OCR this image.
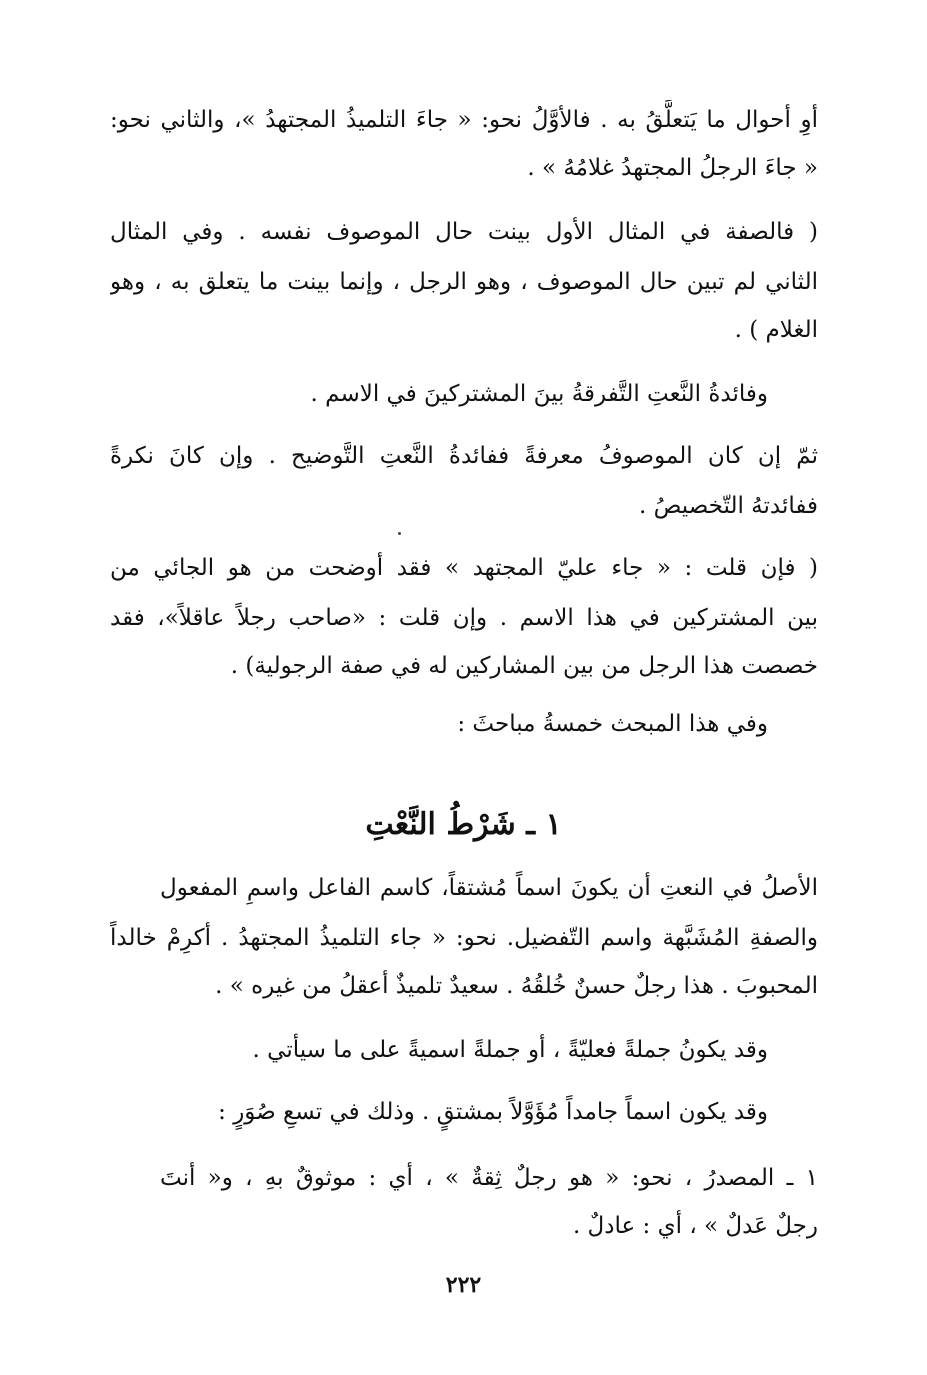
أوِ أحوال ما يَتعلَّقُ به . فالأوَّلُ نحو: « جاءَ التلميذُ المجتهدُ »، والثاني نحو:
« جاءَ الرجلُ المجتهدُ غلامُهُ » .
( فالصفة في المثال الأول بينت حال الموصوف نفسه . وفي المثال
الثاني لم تبين حال الموصوف ، وهو الرجل ، وإنما بينت ما يتعلق به ، وهو
الغلام ) .
وفائدةُ النَّعتِ التَّفرقةُ بينَ المشتركينَ في الاسم .
ثمّ إن كان الموصوفُ معرفةً ففائدةُ النَّعتِ التَّوضيح . وإن كانَ نكرةً
ففائدتهُ التّخصيصُ .
( فإن قلت : « جاء عليّ المجتهد » فقد أوضحت من هو الجائي من
بين المشتركين في هذا الاسم . وإن قلت : «صاحب رجلاً عاقلاً»، فقد
خصصت هذا الرجل من بين المشاركين له في صفة الرجولية) .
وفي هذا المبحث خمسةُ مباحثَ :
١ ـ شَرْطُ النَّعْتِ
الأصلُ في النعتِ أن يكونَ اسماً مُشتقاً، كاسم الفاعل واسمِ المفعول
والصفةِ المُشَبَّهة واسم التّفضيل. نحو: « جاء التلميذُ المجتهدُ . أكرِمْ خالداً
المحبوبَ . هذا رجلٌ حسنٌ خُلقُهُ . سعيدٌ تلميذٌ أعقلُ من غيره » .
وقد يكونُ جملةً فعليّةً ، أو جملةً اسميةً على ما سيأتي .
وقد يكون اسماً جامداً مُؤَوَّلاً بمشتقٍ . وذلك في تسعِ صُوَرٍ :
١ ـ المصدرُ ، نحو: « هو رجلٌ ثِقةٌ » ، أي : موثوقٌ بهِ ، و« أنتَ
رجلٌ عَدلٌ » ، أي : عادلٌ .
٢٢٢
